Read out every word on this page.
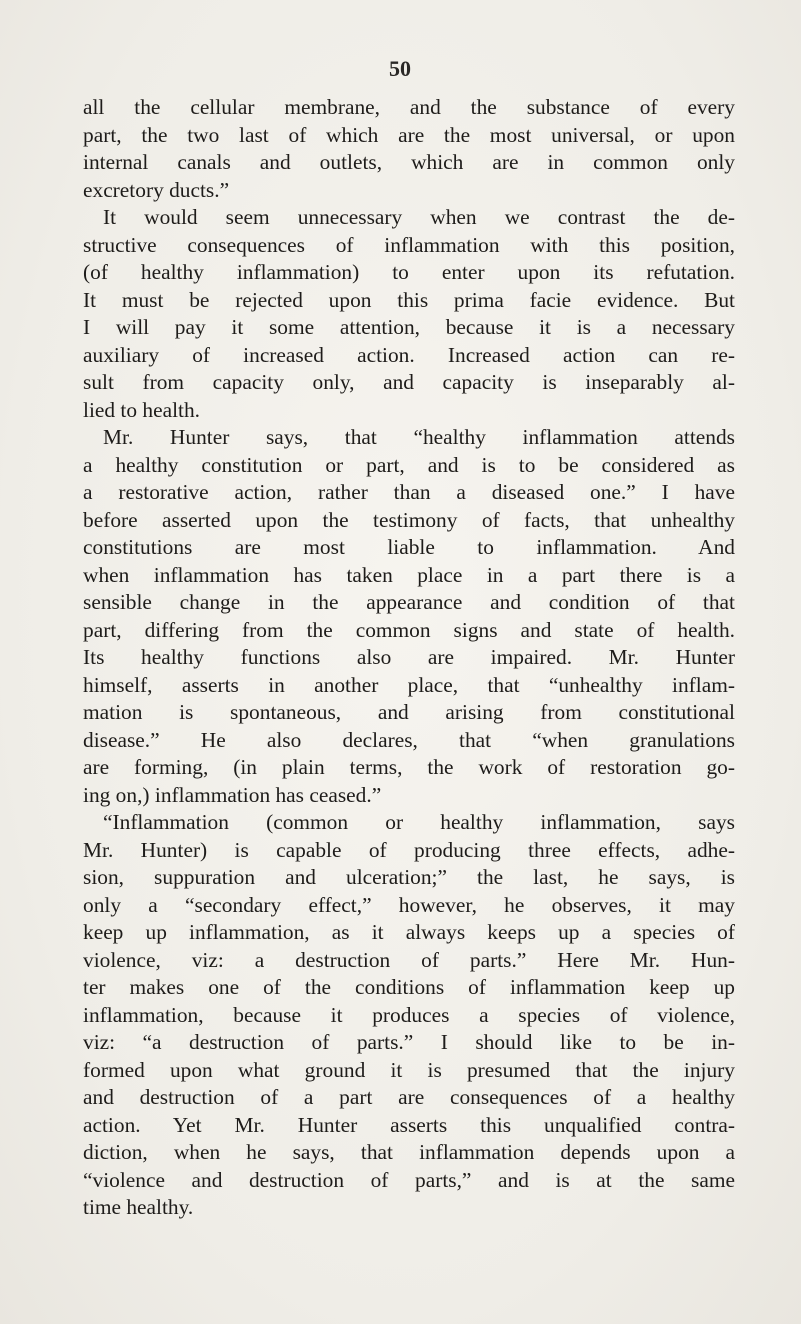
50
all the cellular membrane, and the substance of every
part, the two last of which are the most universal, or upon
internal canals and outlets, which are in common only
excretory ducts.”
It would seem unnecessary when we contrast the de-
structive consequences of inflammation with this position,
(of healthy inflammation) to enter upon its refutation.
It must be rejected upon this prima facie evidence. But
I will pay it some attention, because it is a necessary
auxiliary of increased action. Increased action can re-
sult from capacity only, and capacity is inseparably al-
lied to health.
Mr. Hunter says, that “healthy inflammation attends
a healthy constitution or part, and is to be considered as
a restorative action, rather than a diseased one.” I have
before asserted upon the testimony of facts, that unhealthy
constitutions are most liable to inflammation. And
when inflammation has taken place in a part there is a
sensible change in the appearance and condition of that
part, differing from the common signs and state of health.
Its healthy functions also are impaired. Mr. Hunter
himself, asserts in another place, that “unhealthy inflam-
mation is spontaneous, and arising from constitutional
disease.” He also declares, that “when granulations
are forming, (in plain terms, the work of restoration go-
ing on,) inflammation has ceased.”
“Inflammation (common or healthy inflammation, says
Mr. Hunter) is capable of producing three effects, adhe-
sion, suppuration and ulceration;” the last, he says, is
only a “secondary effect,” however, he observes, it may
keep up inflammation, as it always keeps up a species of
violence, viz: a destruction of parts.” Here Mr. Hun-
ter makes one of the conditions of inflammation keep up
inflammation, because it produces a species of violence,
viz: “a destruction of parts.” I should like to be in-
formed upon what ground it is presumed that the injury
and destruction of a part are consequences of a healthy
action. Yet Mr. Hunter asserts this unqualified contra-
diction, when he says, that inflammation depends upon a
“violence and destruction of parts,” and is at the same
time healthy.
